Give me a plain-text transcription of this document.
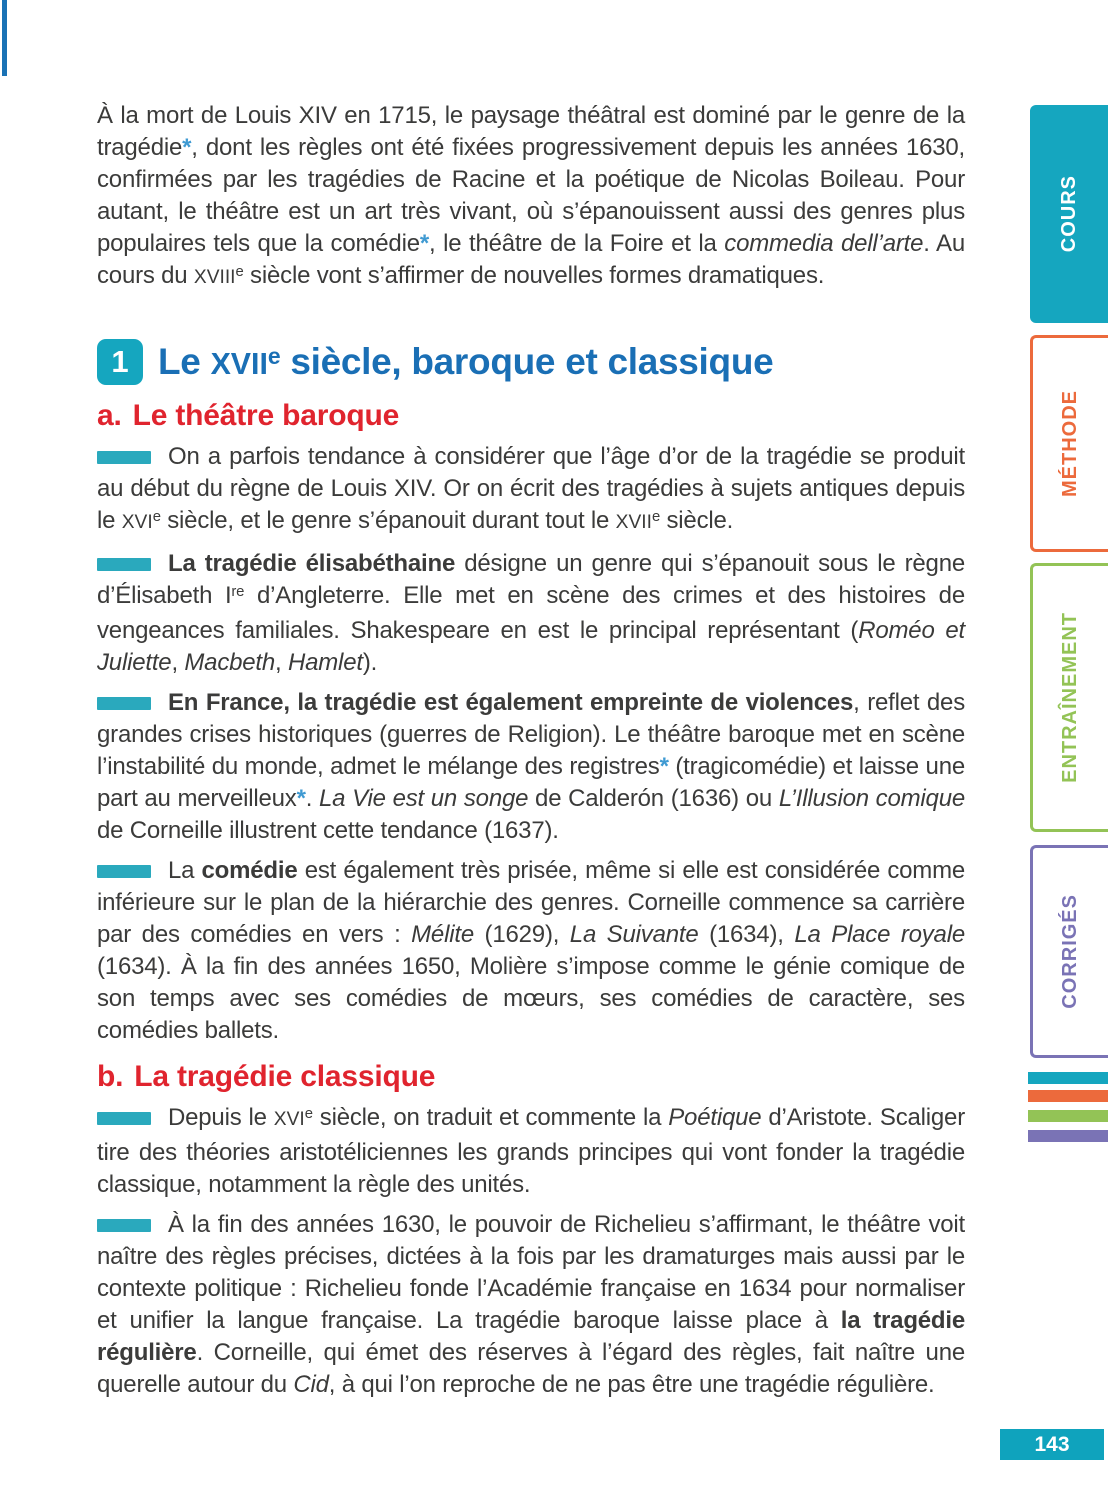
À la mort de Louis XIV en 1715, le paysage théâtral est dominé par le genre de la tragédie*, dont les règles ont été fixées progressivement depuis les années 1630, confirmées par les tragédies de Racine et la poétique de Nicolas Boileau. Pour autant, le théâtre est un art très vivant, où s’épanouissent aussi des genres plus populaires tels que la comédie*, le théâtre de la Foire et la commedia dell’arte. Au cours du XVIIIe siècle vont s’affirmer de nouvelles formes dramatiques.

1 Le XVIIe siècle, baroque et classique
a. Le théâtre baroque

On a parfois tendance à considérer que l’âge d’or de la tragédie se produit au début du règne de Louis XIV. Or on écrit des tragédies à sujets antiques depuis le XVIe siècle, et le genre s’épanouit durant tout le XVIIe siècle.

La tragédie élisabéthaine désigne un genre qui s’épanouit sous le règne d’Élisabeth Ire d’Angleterre. Elle met en scène des crimes et des histoires de vengeances familiales. Shakespeare en est le principal représentant (Roméo et Juliette, Macbeth, Hamlet).

En France, la tragédie est également empreinte de violences, reflet des grandes crises historiques (guerres de Religion). Le théâtre baroque met en scène l’instabilité du monde, admet le mélange des registres* (tragicomédie) et laisse une part au merveilleux*. La Vie est un songe de Calderón (1636) ou L’Illusion comique de Corneille illustrent cette tendance (1637).

La comédie est également très prisée, même si elle est considérée comme inférieure sur le plan de la hiérarchie des genres. Corneille commence sa carrière par des comédies en vers : Mélite (1629), La Suivante (1634), La Place royale (1634). À la fin des années 1650, Molière s’impose comme le génie comique de son temps avec ses comédies de mœurs, ses comédies de caractère, ses comédies ballets.

b. La tragédie classique

Depuis le XVIe siècle, on traduit et commente la Poétique d’Aristote. Scaliger tire des théories aristotéliciennes les grands principes qui vont fonder la tragédie classique, notamment la règle des unités.

À la fin des années 1630, le pouvoir de Richelieu s’affirmant, le théâtre voit naître des règles précises, dictées à la fois par les dramaturges mais aussi par le contexte politique : Richelieu fonde l’Académie française en 1634 pour normaliser et unifier la langue française. La tragédie baroque laisse place à la tragédie régulière. Corneille, qui émet des réserves à l’égard des règles, fait naître une querelle autour du Cid, à qui l’on reproche de ne pas être une tragédie régulière.

COURS
MÉTHODE
ENTRAÎNEMENT
CORRIGÉS
143
